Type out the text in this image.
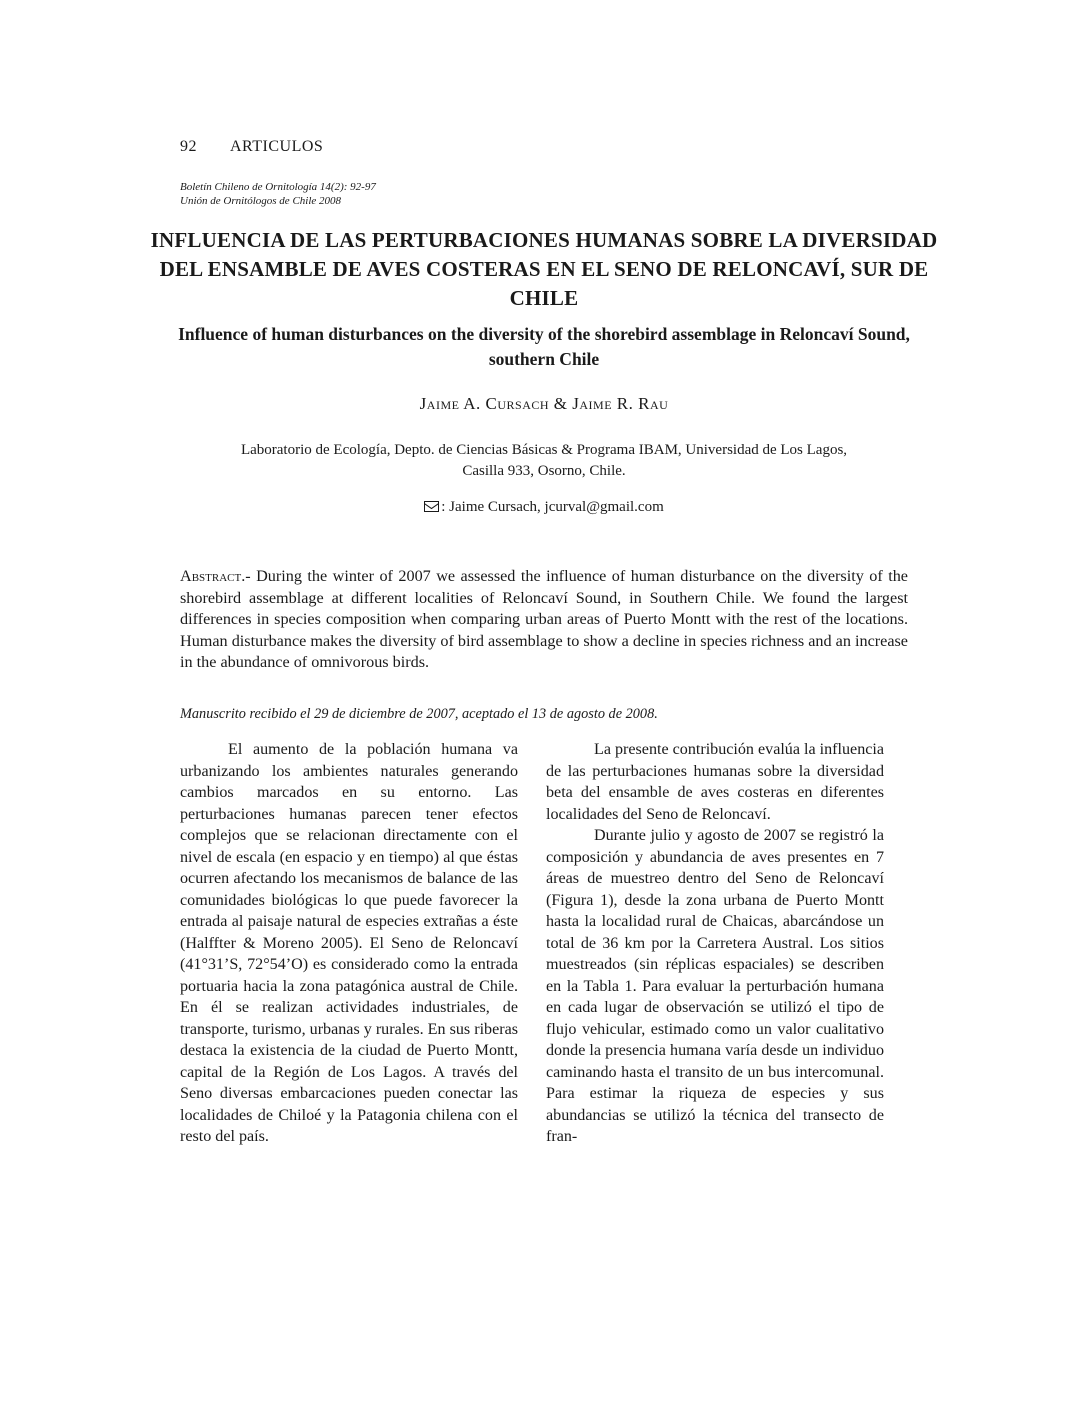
92 ARTICULOS
Boletín Chileno de Ornitología 14(2): 92-97
Unión de Ornitólogos de Chile 2008
INFLUENCIA DE LAS PERTURBACIONES HUMANAS SOBRE LA DIVERSIDAD DEL ENSAMBLE DE AVES COSTERAS EN EL SENO DE RELONCAVÍ, SUR DE CHILE
Influence of human disturbances on the diversity of the shorebird assemblage in Reloncaví Sound, southern Chile
Jaime A. Cursach & Jaime R. Rau
Laboratorio de Ecología, Depto. de Ciencias Básicas & Programa IBAM, Universidad de Los Lagos,
Casilla 933, Osorno, Chile.
: Jaime Cursach, jcurval@gmail.com
Abstract.- During the winter of 2007 we assessed the influence of human disturbance on the diversity of the shorebird assemblage at different localities of Reloncaví Sound, in Southern Chile. We found the largest differences in species composition when comparing urban areas of Puerto Montt with the rest of the locations. Human disturbance makes the diversity of bird assemblage to show a decline in species richness and an increase in the abundance of omnivorous birds.
Manuscrito recibido el 29 de diciembre de 2007, aceptado el 13 de agosto de 2008.

El aumento de la población humana va urbanizando los ambientes naturales generando cambios marcados en su entorno. Las perturbaciones humanas parecen tener efectos complejos que se relacionan directamente con el nivel de escala (en espacio y en tiempo) al que éstas ocurren afectando los mecanismos de balance de las comunidades biológicas lo que puede favorecer la entrada al paisaje natural de especies extrañas a éste (Halffter & Moreno 2005). El Seno de Reloncaví (41°31’S, 72°54’O) es considerado como la entrada portuaria hacia la zona patagónica austral de Chile. En él se realizan actividades industriales, de transporte, turismo, urbanas y rurales. En sus riberas destaca la existencia de la ciudad de Puerto Montt, capital de la Región de Los Lagos. A través del Seno diversas embarcaciones pueden conectar las localidades de Chiloé y la Patagonia chilena con el resto del país.

La presente contribución evalúa la influencia de las perturbaciones humanas sobre la diversidad beta del ensamble de aves costeras en diferentes localidades del Seno de Reloncaví.

Durante julio y agosto de 2007 se registró la composición y abundancia de aves presentes en 7 áreas de muestreo dentro del Seno de Reloncaví (Figura 1), desde la zona urbana de Puerto Montt hasta la localidad rural de Chaicas, abarcándose un total de 36 km por la Carretera Austral. Los sitios muestreados (sin réplicas espaciales) se describen en la Tabla 1. Para evaluar la perturbación humana en cada lugar de observación se utilizó el tipo de flujo vehicular, estimado como un valor cualitativo donde la presencia humana varía desde un individuo caminando hasta el transito de un bus intercomunal. Para estimar la riqueza de especies y sus abundancias se utilizó la técnica del transecto de fran-
